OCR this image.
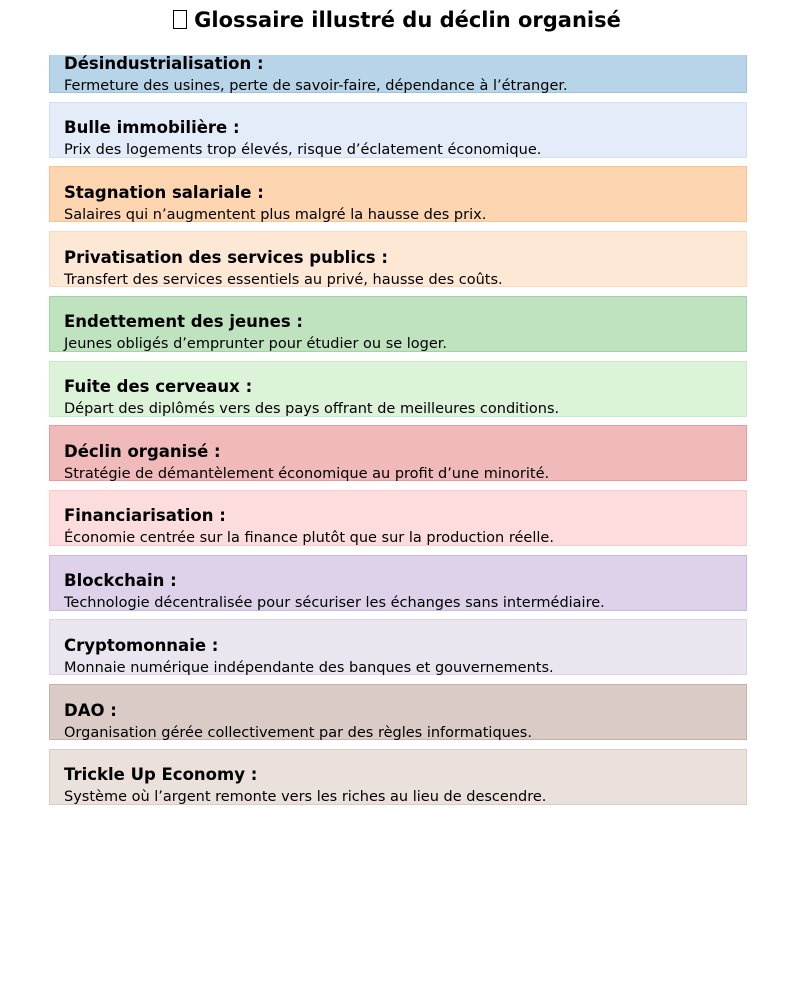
Glossaire illustré du déclin organisé
Désindustrialisation :
Fermeture des usines, perte de savoir-faire, dépendance à l’étranger.
Bulle immobilière :
Prix des logements trop élevés, risque d’éclatement économique.
Stagnation salariale :
Salaires qui n’augmentent plus malgré la hausse des prix.
Privatisation des services publics :
Transfert des services essentiels au privé, hausse des coûts.
Endettement des jeunes :
Jeunes obligés d’emprunter pour étudier ou se loger.
Fuite des cerveaux :
Départ des diplômés vers des pays offrant de meilleures conditions.
Déclin organisé :
Stratégie de démantèlement économique au profit d’une minorité.
Financiarisation :
Économie centrée sur la finance plutôt que sur la production réelle.
Blockchain :
Technologie décentralisée pour sécuriser les échanges sans intermédiaire.
Cryptomonnaie :
Monnaie numérique indépendante des banques et gouvernements.
DAO :
Organisation gérée collectivement par des règles informatiques.
Trickle Up Economy :
Système où l’argent remonte vers les riches au lieu de descendre.
